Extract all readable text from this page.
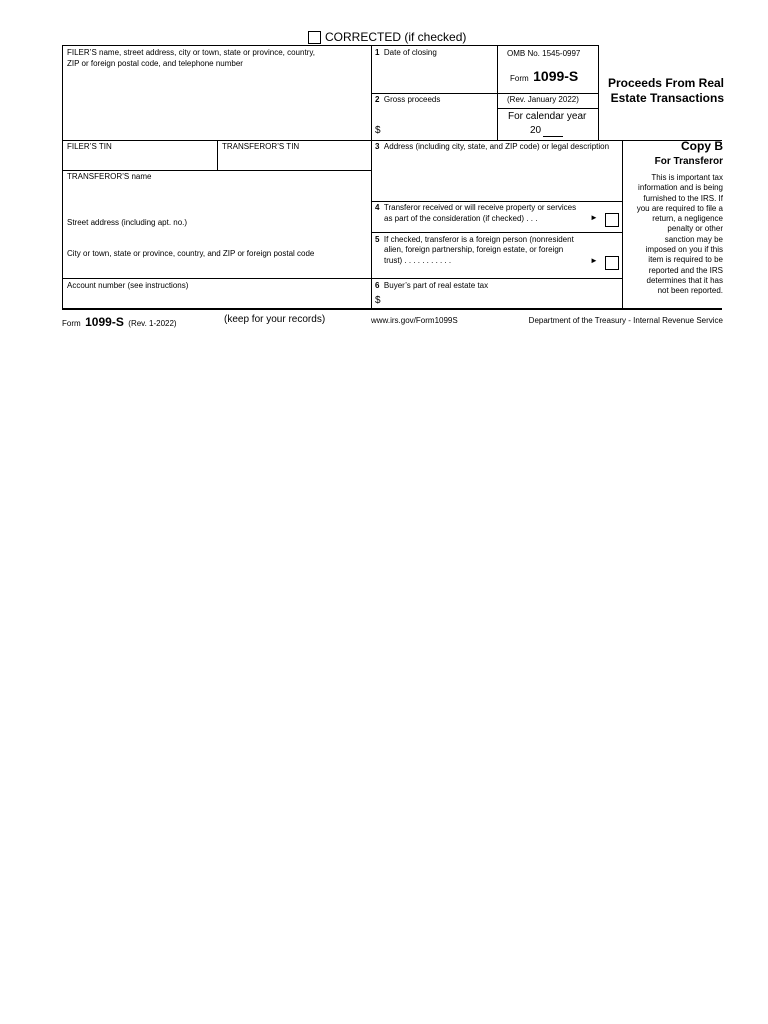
CORRECTED (if checked)
FILER’S name, street address, city or town, state or province, country,
ZIP or foreign postal code, and telephone number
1 Date of closing	OMB No. 1545-0997
Form 1099-S
(Rev. January 2022)
2 Gross proceeds
$
For calendar year
20
Proceeds From Real
Estate Transactions
FILER’S TIN	TRANSFEROR’S TIN	3 Address (including city, state, and ZIP code) or legal description	Copy B
For Transferor
This is important tax
information and is being
furnished to the IRS. If
you are required to file a
return, a negligence
penalty or other
sanction may be
imposed on you if this
item is required to be
reported and the IRS
determines that it has
not been reported.
TRANSFEROR’S name
Street address (including apt. no.)
City or town, state or province, country, and ZIP or foreign postal code
4 Transferor received or will receive property or services
as part of the consideration (if checked) . . .	►
5 If checked, transferor is a foreign person (nonresident
alien, foreign partnership, foreign estate, or foreign
trust) . . . . . . . . . . .	►
Account number (see instructions)	6 Buyer’s part of real estate tax
$
Form 1099-S (Rev. 1-2022)	(keep for your records)	www.irs.gov/Form1099S	Department of the Treasury - Internal Revenue Service
